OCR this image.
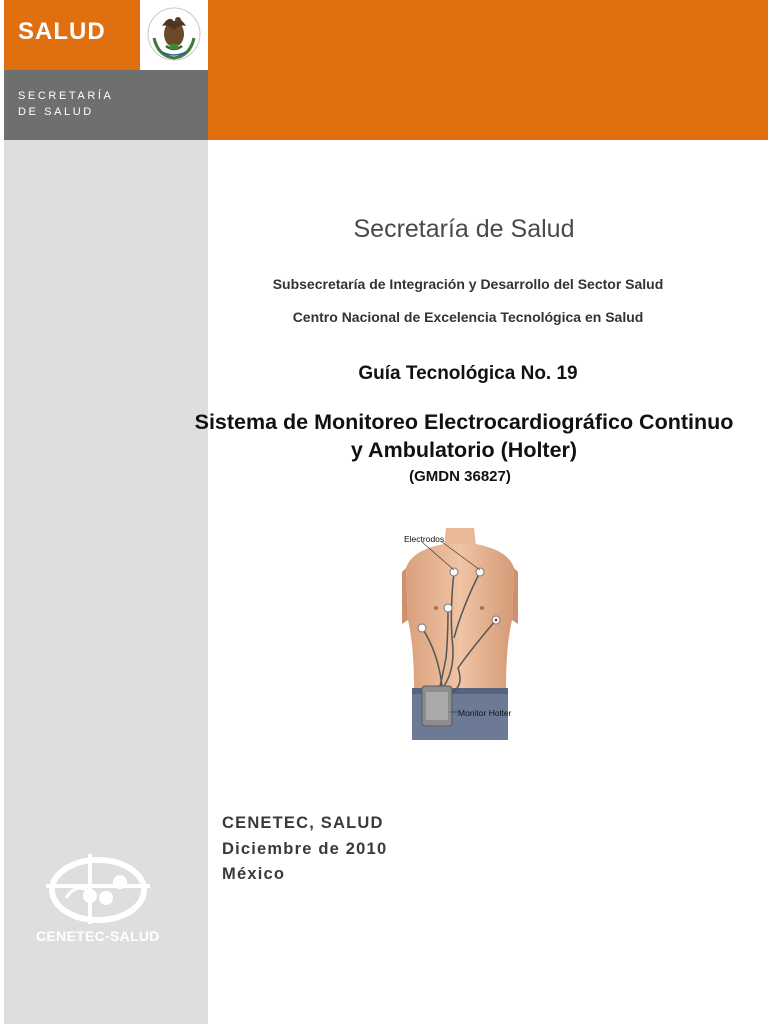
SALUD
SECRETARÍA
DE SALUD
Secretaría de Salud
Subsecretaría de Integración y Desarrollo del Sector Salud
Centro Nacional de Excelencia Tecnológica en Salud
Guía Tecnológica No. 19
Sistema de Monitoreo Electrocardiográfico Continuo
y Ambulatorio (Holter)
(GMDN 36827)
Electrodos
Monitor Holter
CENETEC, SALUD
Diciembre de 2010
México
CENETEC-SALUD
